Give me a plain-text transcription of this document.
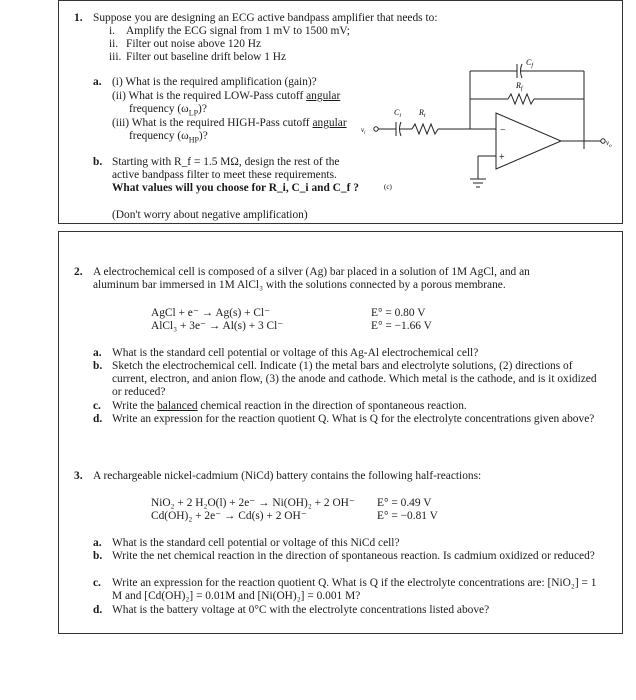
1. Suppose you are designing an ECG active bandpass amplifier that needs to:
i. Amplify the ECG signal from 1 mV to 1500 mV;
ii. Filter out noise above 120 Hz
iii. Filter out baseline drift below 1 Hz
a. (i) What is the required amplification (gain)?
(ii) What is the required LOW-Pass cutoff angular
frequency $(\omega_{LP})$?
(iii) What is the required HIGH-Pass cutoff angular
frequency $(\omega_{HP})$?
b. Starting with R_f = 1.5 MΩ, design the rest of the
active bandpass filter to meet these requirements.
What values will you choose for R_i, C_i and C_f ?
(Don't worry about negative amplification)
−
+
$v_i$
$v_o$
$C_i$ $R_i$
$R_f$
$C_f$
(c)
2. A electrochemical cell is composed of a silver (Ag) bar placed in a solution of 1M AgCl, and an
aluminum bar immersed in 1M AlCl₃ with the solutions connected by a porous membrane.
AgCl + e⁻ → Ag(s) + Cl⁻	E° = 0.80 V
AlCl₃ + 3e⁻ → Al(s) + 3 Cl⁻	E° = −1.66 V
a. What is the standard cell potential or voltage of this Ag-Al electrochemical cell?
b. Sketch the electrochemical cell. Indicate (1) the metal bars and electrolyte solutions, (2) directions of current, electron, and anion flow, (3) the anode and cathode. Which metal is the cathode, and is it oxidized or reduced?
c. Write the balanced chemical reaction in the direction of spontaneous reaction.
d. Write an expression for the reaction quotient Q. What is Q for the electrolyte concentrations given above?
3. A rechargeable nickel-cadmium (NiCd) battery contains the following half-reactions:
NiO₂ + 2 H₂O(l) + 2e⁻ → Ni(OH)₂ + 2 OH⁻ E° = 0.49 V
Cd(OH)₂ + 2e⁻ → Cd(s) + 2 OH⁻	E° = −0.81 V
a. What is the standard cell potential or voltage of this NiCd cell?
b. Write the net chemical reaction in the direction of spontaneous reaction. Is cadmium oxidized or reduced?
c. Write an expression for the reaction quotient Q. What is Q if the electrolyte concentrations are: [NiO₂] = 1 M and [Cd(OH)₂] = 0.01M and [Ni(OH)₂] = 0.001 M?
d. What is the battery voltage at 0°C with the electrolyte concentrations listed above?
